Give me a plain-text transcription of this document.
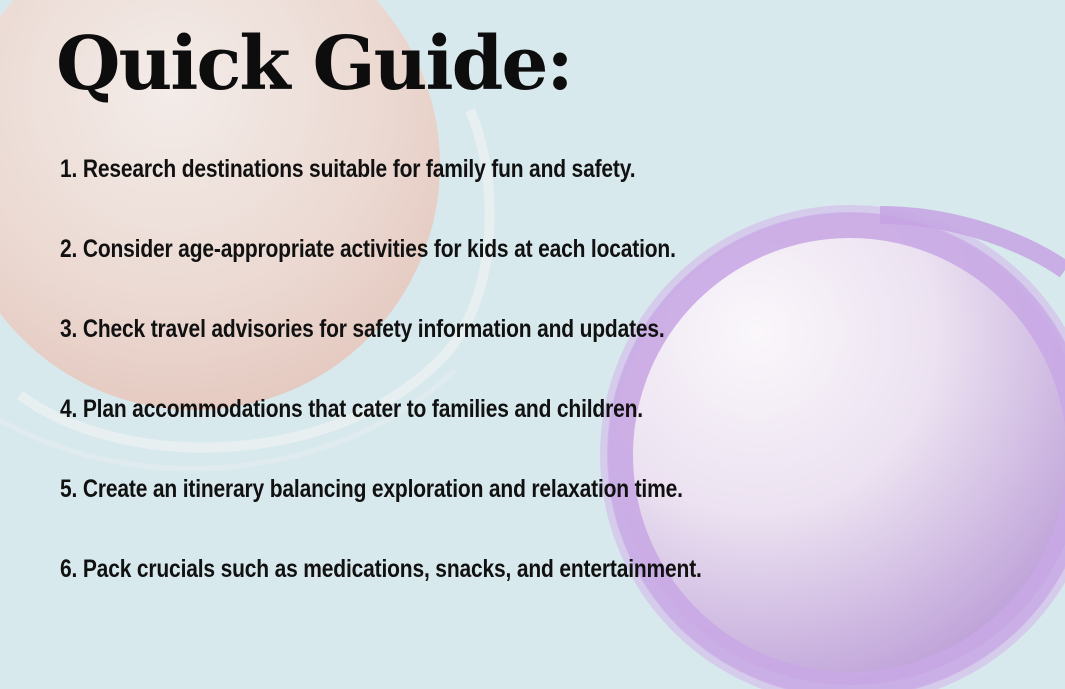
Quick Guide:
1. Research destinations suitable for family fun and safety.
2. Consider age-appropriate activities for kids at each location.
3. Check travel advisories for safety information and updates.
4. Plan accommodations that cater to families and children.
5. Create an itinerary balancing exploration and relaxation time.
6. Pack crucials such as medications, snacks, and entertainment.
